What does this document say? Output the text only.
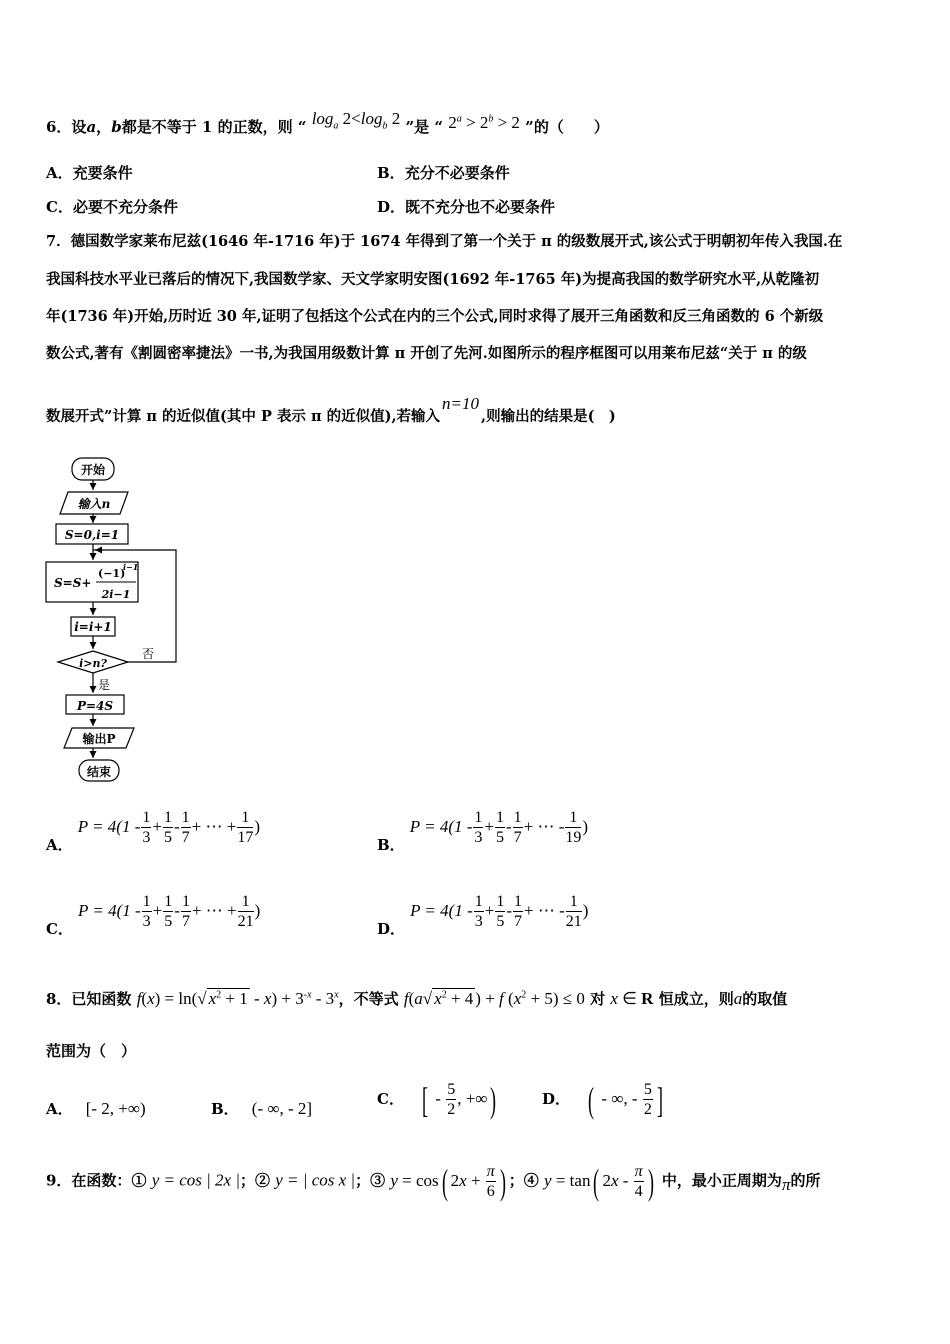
6．设a，b都是不等于 1 的正数，则 “ $\log_a 2<\log_b$ 2 ”是 “ $2^a > 2^b > 2$ ”的（　　）
A．充要条件	B．充分不必要条件
C．必要不充分条件	D．既不充分也不必要条件
7．德国数学家莱布尼兹(1646 年-1716 年)于 1674 年得到了第一个关于 π 的级数展开式,该公式于明朝初年传入我国.在
我国科技水平业已落后的情况下,我国数学家、天文学家明安图(1692 年-1765 年)为提高我国的数学研究水平,从乾隆初
年(1736 年)开始,历时近 30 年,证明了包括这个公式在内的三个公式,同时求得了展开三角函数和反三角函数的 6 个新级
数公式,著有《割圆密率捷法》一书,为我国用级数计算 π 开创了先河.如图所示的程序框图可以用莱布尼兹“关于 π 的级
数展开式”计算 π 的近似值(其中 P 表示 π 的近似值),若输入n=10,则输出的结果是(　)
开始
输入n
S=0,i=1
S=S+
(−1)
i−1
2i−1
i=i+1
i>n?
否
是
P=4S
输出P
结束
A． $P = 4(1 - \frac{1}{3} + \frac{1}{5} - \frac{1}{7}$ + ⋯ + $\frac{1}{17}$ )
B． $P = 4(1 - \frac{1}{3} + \frac{1}{5} - \frac{1}{7}$ + ⋯ - $\frac{1}{19}$ )
C． $P = 4(1 - \frac{1}{3} + \frac{1}{5} - \frac{1}{7}$ + ⋯ + $\frac{1}{21}$ )
D． $P = 4(1 - \frac{1}{3} + \frac{1}{5} - \frac{1}{7}$ + ⋯ - $\frac{1}{21}$ )
8．已知函数 f(x) = ln(√ $x^2 + 1 - x) + 3^{-x} - 3^x$，不等式 f(a√ $x^2 + 4$ ) + f $(x^2 + 5) \le 0$ 对 x ∈ R 恒成立，则a的取值
范围为（　）
A． [- 2, +∞)	B． (- ∞, - 2]	C． [ - $\frac{5}{2}$ , +∞)	D． ( - ∞, - $\frac{5}{2}$ ]
9．在函数：① y = cos | 2x |；② y = | cos x |；③ y = cos( $2x + \frac{\pi}{6}$ ) ；④ y = tan( $2x - \frac{\pi}{4}$ ) 中，最小正周期为π的所
